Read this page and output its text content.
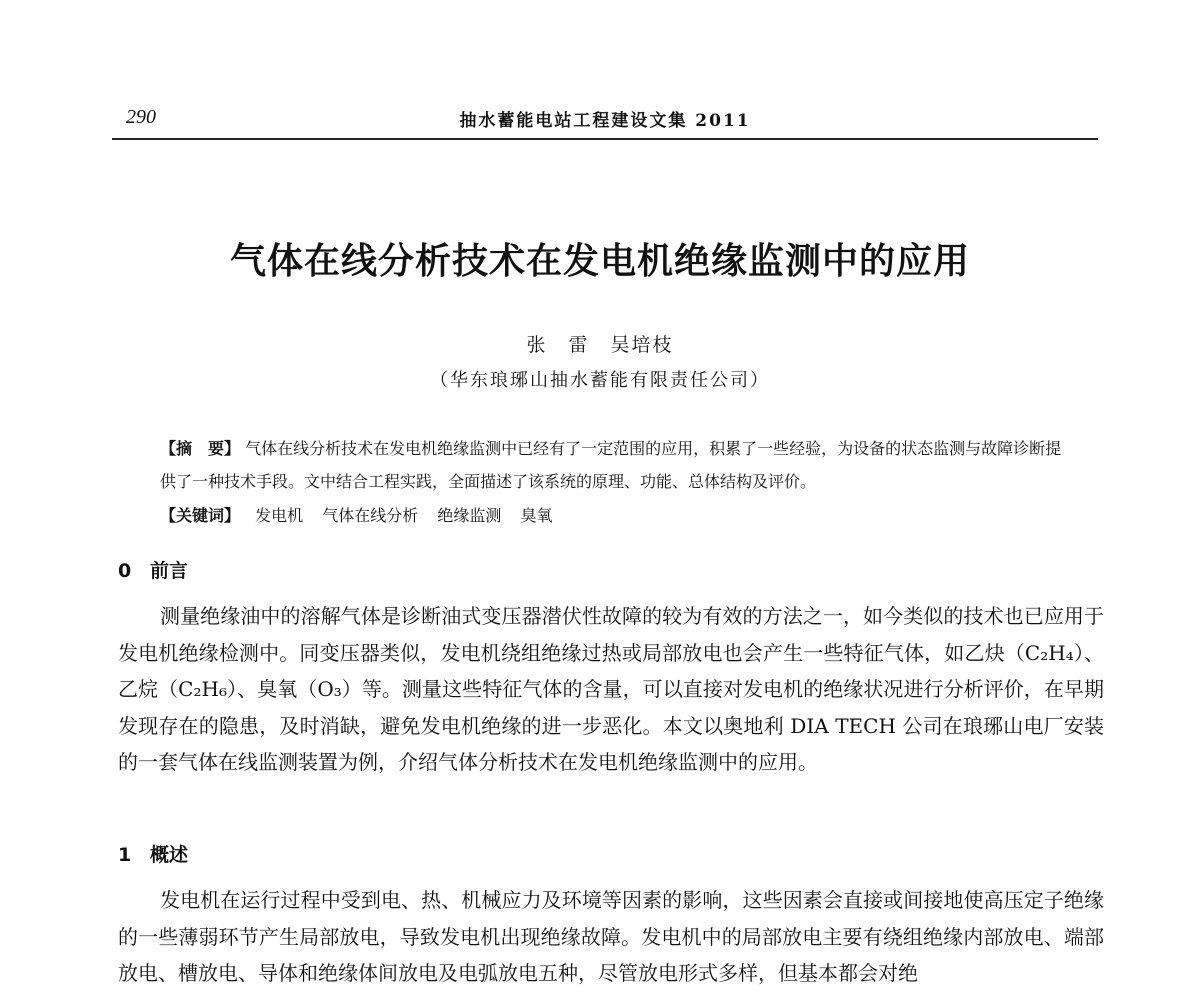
290	抽水蓄能电站工程建设文集 2011
气体在线分析技术在发电机绝缘监测中的应用
张　雷　吴培枝
（华东琅琊山抽水蓄能有限责任公司）
【摘　要】 气体在线分析技术在发电机绝缘监测中已经有了一定范围的应用，积累了一些经验，为设备的状态监测与故障诊断提供了一种技术手段。文中结合工程实践，全面描述了该系统的原理、功能、总体结构及评价。
【关键词】 发电机 气体在线分析 绝缘监测 臭氧
0 前言
测量绝缘油中的溶解气体是诊断油式变压器潜伏性故障的较为有效的方法之一，如今类似的技术也已应用于发电机绝缘检测中。同变压器类似，发电机绕组绝缘过热或局部放电也会产生一些特征气体，如乙炔（C₂H₄）、乙烷（C₂H₆）、臭氧（O₃）等。测量这些特征气体的含量，可以直接对发电机的绝缘状况进行分析评价，在早期发现存在的隐患，及时消缺，避免发电机绝缘的进一步恶化。本文以奥地利 DIA TECH 公司在琅琊山电厂安装的一套气体在线监测装置为例，介绍气体分析技术在发电机绝缘监测中的应用。
1 概述
发电机在运行过程中受到电、热、机械应力及环境等因素的影响，这些因素会直接或间接地使高压定子绝缘的一些薄弱环节产生局部放电，导致发电机出现绝缘故障。发电机中的局部放电主要有绕组绝缘内部放电、端部放电、槽放电、导体和绝缘体间放电及电弧放电五种，尽管放电形式多样，但基本都会对绝
